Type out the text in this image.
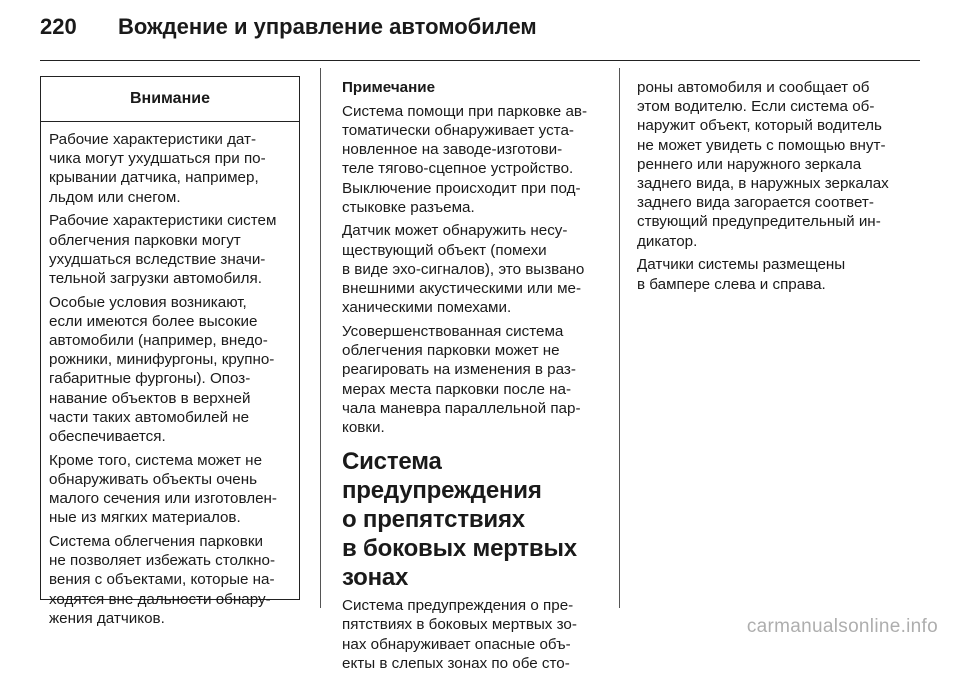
220 Вождение и управление автомобилем
Внимание

Рабочие характеристики дат-
чика могут ухудшаться при по-
крывании датчика, например,
льдом или снегом.

Рабочие характеристики систем
облегчения парковки могут
ухудшаться вследствие значи-
тельной загрузки автомобиля.

Особые условия возникают,
если имеются более высокие
автомобили (например, внедо-
рожники, минифургоны, крупно-
габаритные фургоны). Опоз-
навание объектов в верхней
части таких автомобилей не
обеспечивается.

Кроме того, система может не
обнаруживать объекты очень
малого сечения или изготовлен-
ные из мягких материалов.

Система облегчения парковки
не позволяет избежать столкно-
вения с объектами, которые на-
ходятся вне дальности обнару-
жения датчиков.

Примечание

Система помощи при парковке ав-
томатически обнаруживает уста-
новленное на заводе-изготови-
теле тягово-сцепное устройство.
Выключение происходит при под-
стыковке разъема.

Датчик может обнаружить несу-
ществующий объект (помехи
в виде эхо-сигналов), это вызвано
внешними акустическими или ме-
ханическими помехами.

Усовершенствованная система
облегчения парковки может не
реагировать на изменения в раз-
мерах места парковки после на-
чала маневра параллельной пар-
ковки.

Система
предупреждения
о препятствиях
в боковых мертвых зонах

Система предупреждения о пре-
пятствиях в боковых мертвых зо-
нах обнаруживает опасные объ-
екты в слепых зонах по обе сто-

роны автомобиля и сообщает об
этом водителю. Если система об-
наружит объект, который водитель
не может увидеть с помощью внут-
реннего или наружного зеркала
заднего вида, в наружных зеркалах
заднего вида загорается соответ-
ствующий предупредительный ин-
дикатор.

Датчики системы размещены
в бампере слева и справа.

carmanualsonline.info
